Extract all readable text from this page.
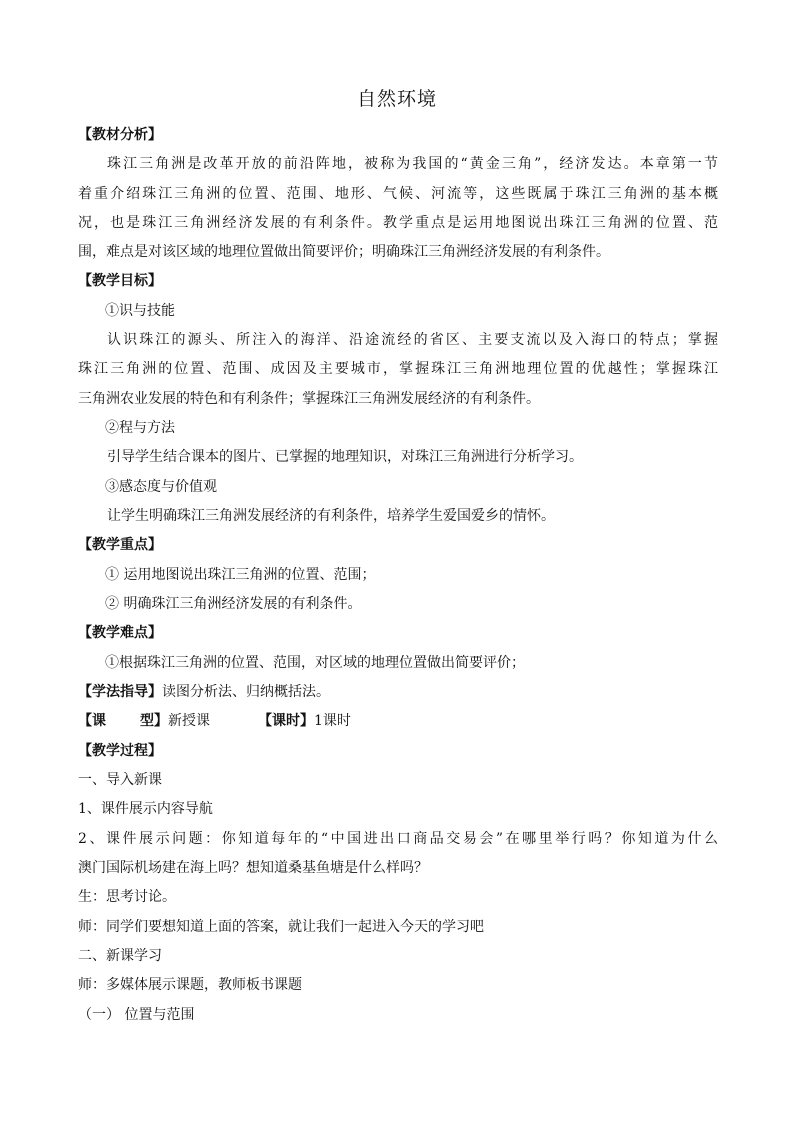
自然环境
【教材分析】
珠江三角洲是改革开放的前沿阵地，被称为我国的“黄金三角”，经济发达。本章第一节
着重介绍珠江三角洲的位置、范围、地形、气候、河流等，这些既属于珠江三角洲的基本概
况，也是珠江三角洲经济发展的有利条件。教学重点是运用地图说出珠江三角洲的位置、范
围，难点是对该区域的地理位置做出简要评价；明确珠江三角洲经济发展的有利条件。
【教学目标】
①识与技能
认识珠江的源头、所注入的海洋、沿途流经的省区、主要支流以及入海口的特点；掌握
珠江三角洲的位置、范围、成因及主要城市，掌握珠江三角洲地理位置的优越性；掌握珠江
三角洲农业发展的特色和有利条件；掌握珠江三角洲发展经济的有利条件。
②程与方法
引导学生结合课本的图片、已掌握的地理知识，对珠江三角洲进行分析学习。
③感态度与价值观
让学生明确珠江三角洲发展经济的有利条件，培养学生爱国爱乡的情怀。
【教学重点】
① 运用地图说出珠江三角洲的位置、范围；
② 明确珠江三角洲经济发展的有利条件。
【教学难点】
①根据珠江三角洲的位置、范围，对区域的地理位置做出简要评价；
【学法指导】读图分析法、归纳概括法。
【课 型】新授课	【课时】1课时
【教学过程】
一、导入新课
1、课件展示内容导航
2、课件展示问题：你知道每年的“中国进出口商品交易会”在哪里举行吗？你知道为什么
澳门国际机场建在海上吗？想知道桑基鱼塘是什么样吗？
生：思考讨论。
师：同学们要想知道上面的答案，就让我们一起进入今天的学习吧
二、新课学习
师：多媒体展示课题，教师板书课题
（一） 位置与范围
